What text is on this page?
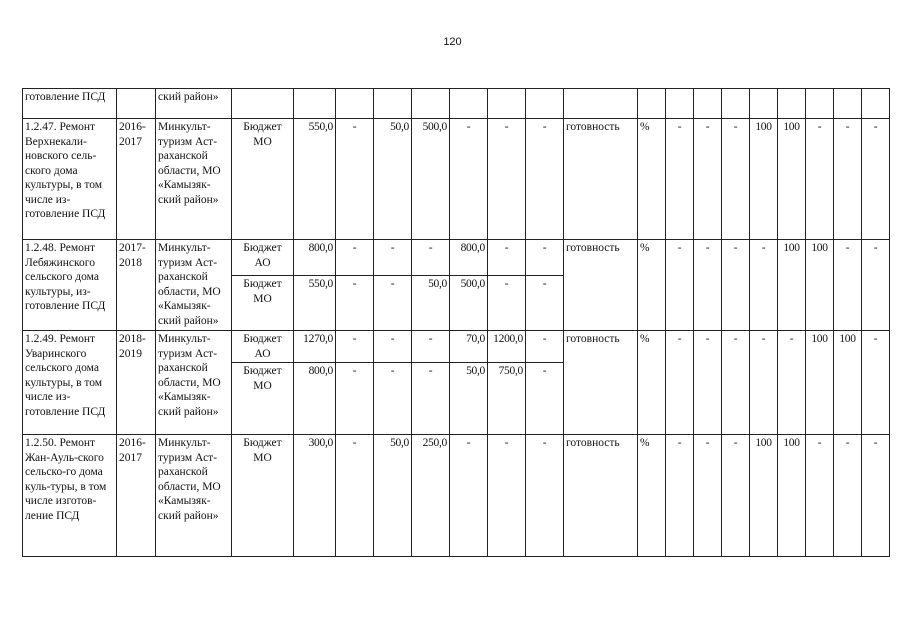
120
готовление ПСД		ский район»																		
1.2.47. Ремонт Верхнекали-новского сель-ского дома культуры, в том числе из-готовление ПСД	2016-2017	Минкульт-туризм Аст-раханской области, МО «Камызяк-ский район»	Бюджет МО	550,0	-	50,0	500,0	-	-	-	готовность	%	-	-	-	100	100	-	-	-
1.2.48. Ремонт Лебяжинского сельского дома культуры, из-готовление ПСД	2017-2018	Минкульт-туризм Аст-раханской области, МО «Камызяк-ский район»	Бюджет АО	800,0	-	-	-	800,0	-	-	готовность	%	-	-	-	-	100	100	-	-
			Бюджет МО	550,0	-	-	50,0	500,0	-	-										
1.2.49. Ремонт Уваринского сельского дома культуры, в том числе из-готовление ПСД	2018-2019	Минкульт-туризм Аст-раханской области, МО «Камызяк-ский район»	Бюджет АО	1270,0	-	-	-	70,0	1200,0	-	готовность	%	-	-	-	-	-	100	100	-
			Бюджет МО	800,0	-	-	-	50,0	750,0	-										
1.2.50. Ремонт Жан-Ауль-ского сельско-го дома куль-туры, в том числе изготов-ление ПСД	2016-2017	Минкульт-туризм Аст-раханской области, МО «Камызяк-ский район»	Бюджет МО	300,0	-	50,0	250,0	-	-	-	готовность	%	-	-	-	100	100	-	-	-
